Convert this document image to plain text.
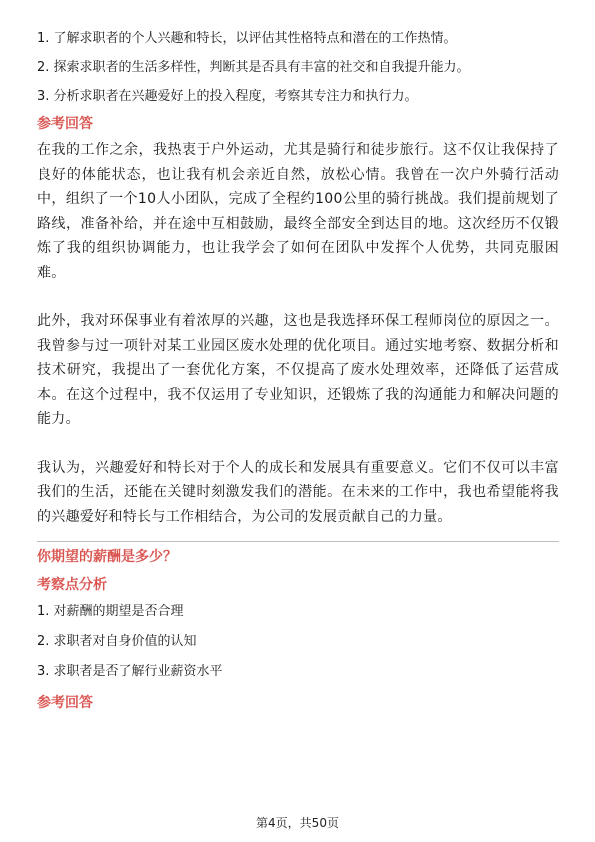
1. 了解求职者的个人兴趣和特长，以评估其性格特点和潜在的工作热情。
2. 探索求职者的生活多样性，判断其是否具有丰富的社交和自我提升能力。
3. 分析求职者在兴趣爱好上的投入程度，考察其专注力和执行力。
参考回答

在我的工作之余，我热衷于户外运动，尤其是骑行和徒步旅行。这不仅让我保持了良好的体能状态，也让我有机会亲近自然，放松心情。我曾在一次户外骑行活动中，组织了一个10人小团队，完成了全程约100公里的骑行挑战。我们提前规划了路线，准备补给，并在途中互相鼓励，最终全部安全到达目的地。这次经历不仅锻炼了我的组织协调能力，也让我学会了如何在团队中发挥个人优势，共同克服困难。

此外，我对环保事业有着浓厚的兴趣，这也是我选择环保工程师岗位的原因之一。我曾参与过一项针对某工业园区废水处理的优化项目。通过实地考察、数据分析和技术研究，我提出了一套优化方案，不仅提高了废水处理效率，还降低了运营成本。在这个过程中，我不仅运用了专业知识，还锻炼了我的沟通能力和解决问题的能力。

我认为，兴趣爱好和特长对于个人的成长和发展具有重要意义。它们不仅可以丰富我们的生活，还能在关键时刻激发我们的潜能。在未来的工作中，我也希望能将我的兴趣爱好和特长与工作相结合，为公司的发展贡献自己的力量。

你期望的薪酬是多少？
考察点分析
1. 对薪酬的期望是否合理
2. 求职者对自身价值的认知
3. 求职者是否了解行业薪资水平
参考回答
第4页，共50页
